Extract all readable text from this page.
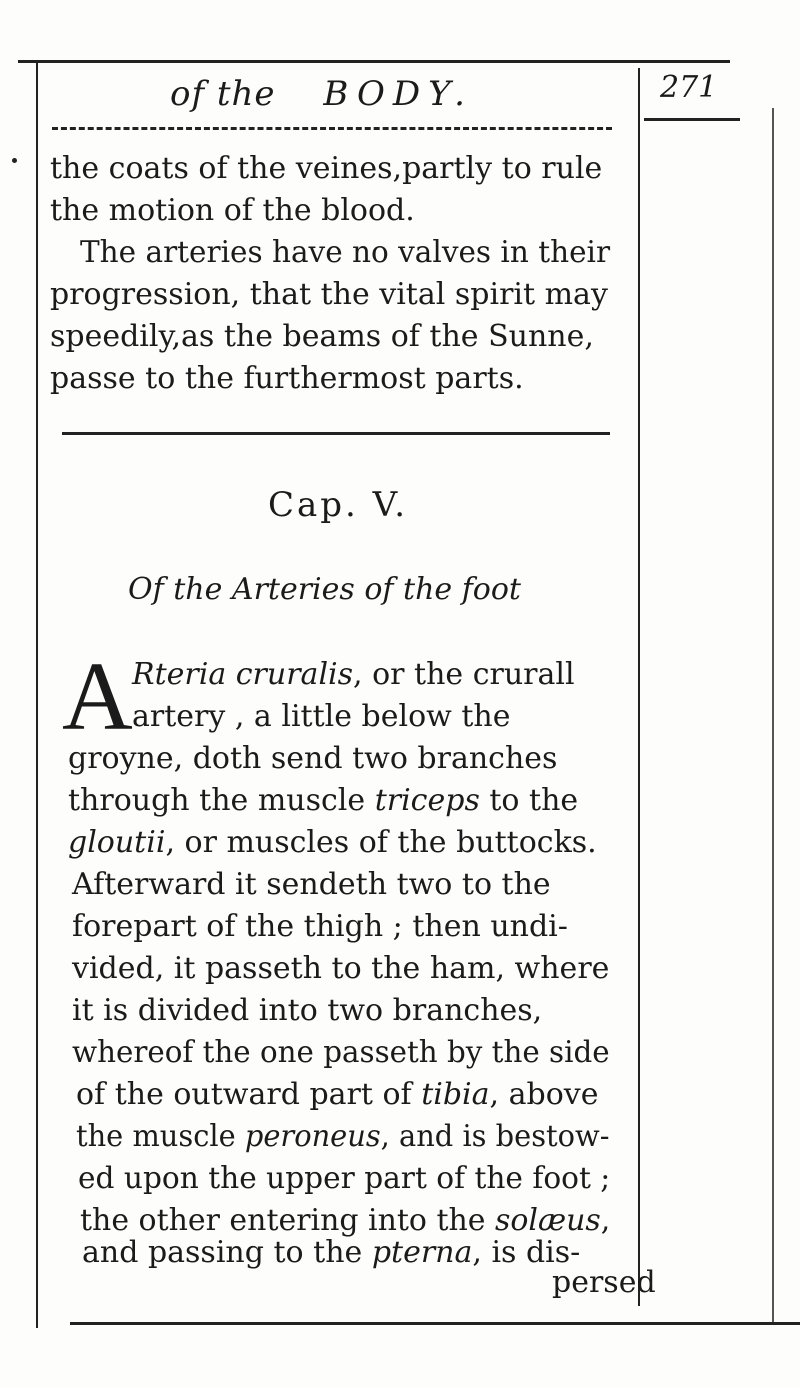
of the BODY.	271
the coats of the veines,partly to rule
the motion of the blood.
The arteries have no valves in their
progression, that the vital spirit may
speedily,as the beams of the Sunne,
passe to the furthermost parts.
Cap. V.
Of the Arteries of the foot
A Rteria cruralis, or the crurall
artery , a little below the
groyne, doth send two branches
through the muscle triceps to the
gloutii, or muscles of the buttocks.
Afterward it sendeth two to the
forepart of the thigh ; then undi-
vided, it passeth to the ham, where
it is divided into two branches,
whereof the one passeth by the side
of the outward part of tibia, above
the muscle peroneus, and is bestow-
ed upon the upper part of the foot ;
the other entering into the solæus,
and passing to the pterna, is dis-
persed
